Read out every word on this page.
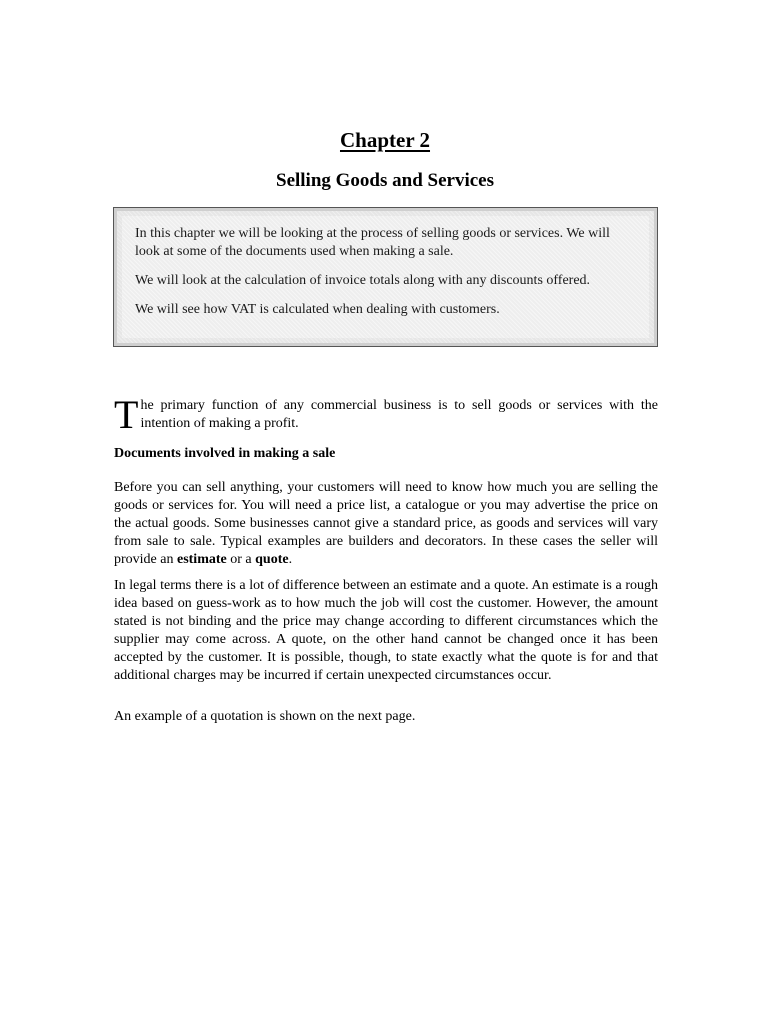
Chapter 2
Selling Goods and Services

In this chapter we will be looking at the process of selling goods or services. We will look at some of the documents used when making a sale.

We will look at the calculation of invoice totals along with any discounts offered.

We will see how VAT is calculated when dealing with customers.

The primary function of any commercial business is to sell goods or services with the intention of making a profit.

Documents involved in making a sale

Before you can sell anything, your customers will need to know how much you are selling the goods or services for. You will need a price list, a catalogue or you may advertise the price on the actual goods. Some businesses cannot give a standard price, as goods and services will vary from sale to sale. Typical examples are builders and decorators. In these cases the seller will provide an estimate or a quote.

In legal terms there is a lot of difference between an estimate and a quote. An estimate is a rough idea based on guess-work as to how much the job will cost the customer. However, the amount stated is not binding and the price may change according to different circumstances which the supplier may come across. A quote, on the other hand cannot be changed once it has been accepted by the customer. It is possible, though, to state exactly what the quote is for and that additional charges may be incurred if certain unexpected circumstances occur.

An example of a quotation is shown on the next page.
